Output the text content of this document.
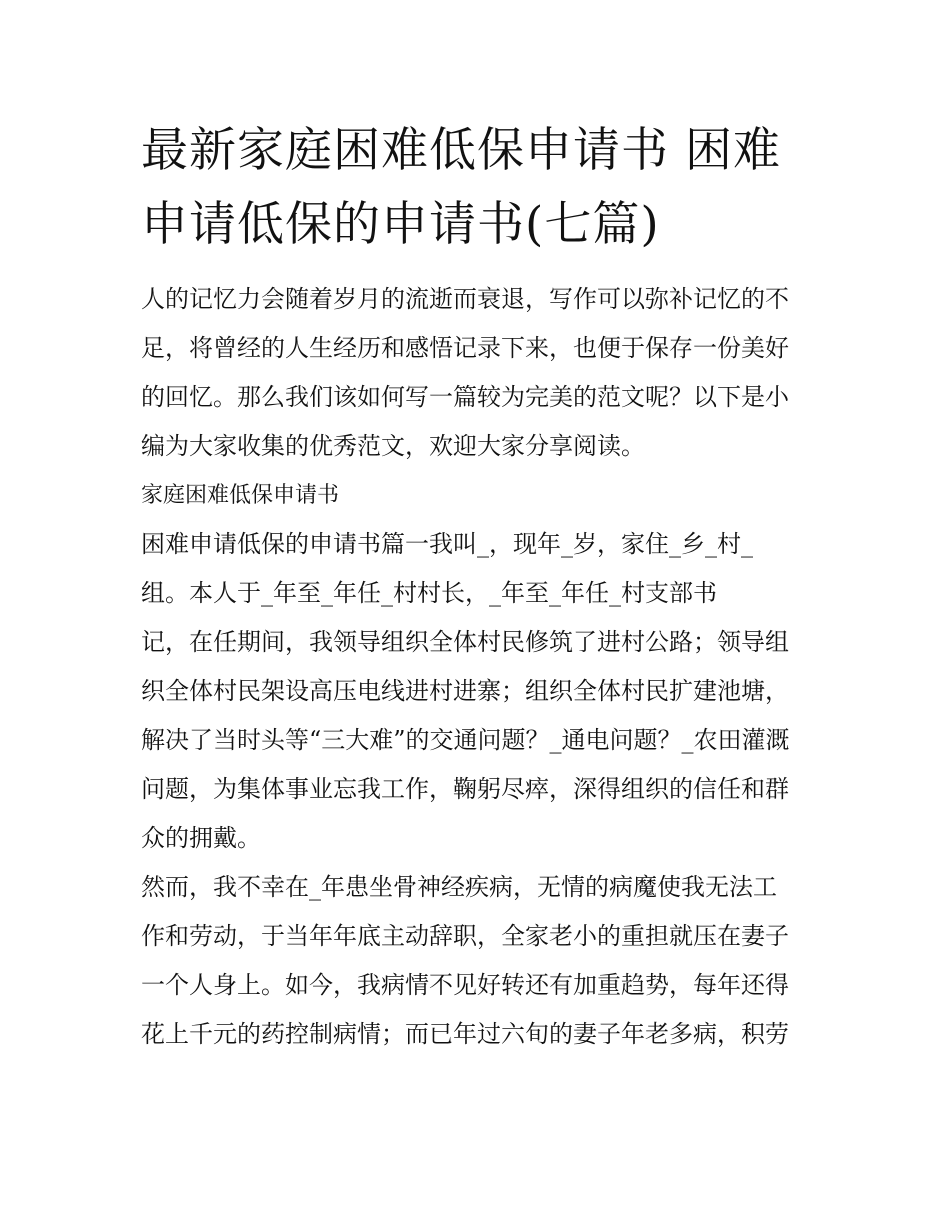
最新家庭困难低保申请书 困难申请低保的申请书(七篇)
人的记忆力会随着岁月的流逝而衰退，写作可以弥补记忆的不
足，将曾经的人生经历和感悟记录下来，也便于保存一份美好
的回忆。那么我们该如何写一篇较为完美的范文呢？以下是小
编为大家收集的优秀范文，欢迎大家分享阅读。
家庭困难低保申请书
困难申请低保的申请书篇一我叫_，现年_岁，家住_乡_村_
组。本人于_年至_年任_村村长，_年至_年任_村支部书
记，在任期间，我领导组织全体村民修筑了进村公路；领导组
织全体村民架设高压电线进村进寨；组织全体村民扩建池塘，
解决了当时头等“三大难”的交通问题？_通电问题？_农田灌溉
问题，为集体事业忘我工作，鞠躬尽瘁，深得组织的信任和群
众的拥戴。
然而，我不幸在_年患坐骨神经疾病，无情的病魔使我无法工
作和劳动，于当年年底主动辞职，全家老小的重担就压在妻子
一个人身上。如今，我病情不见好转还有加重趋势，每年还得
花上千元的药控制病情；而已年过六旬的妻子年老多病，积劳
